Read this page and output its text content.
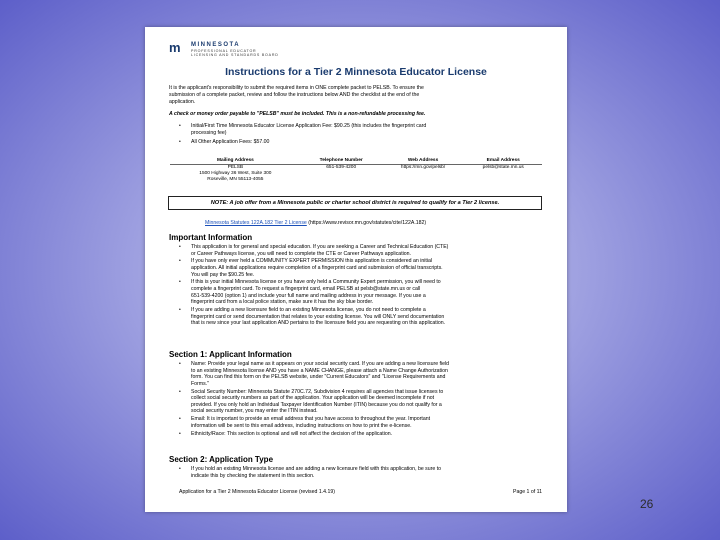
m MINNESOTA
PROFESSIONAL EDUCATOR
LICENSING AND STANDARDS BOARD
Instructions for a Tier 2 Minnesota Educator License
It is the applicant's responsibility to submit the required items in ONE complete packet to PELSB. To ensure the
submission of a complete packet, review and follow the instructions below AND the checklist at the end of the
application.
A check or money order payable to "PELSB" must be included. This is a non-refundable processing fee.
• Initial/First Time Minnesota Educator License Application Fee: $90.25 (this includes the fingerprint card
processing fee)
• All Other Application Fees: $57.00
Mailing Address	Telephone Number	Web Address	Email Address

PELSB
1500 Highway 36 West, Suite 300
Roseville, MN 55113-4055	651-539-4200	https://mn.gov/pelsb/	pelsb@state.mn.us
NOTE: A job offer from a Minnesota public or charter school district is required to qualify for a Tier 2 license.
Minnesota Statutes 122A.182 Tier 2 License (https://www.revisor.mn.gov/statutes/cite/122A.182)
Important Information
• This application is for general and special education. If you are seeking a Career and Technical Education (CTE)
or Career Pathways license, you will need to complete the CTE or Career Pathways application.
• If you have only ever held a COMMUNITY EXPERT PERMISSION this application is considered an initial
application. All initial applications require completion of a fingerprint card and submission of official transcripts.
You will pay the $90.25 fee.
• If this is your initial Minnesota license or you have only held a Community Expert permission, you will need to
complete a fingerprint card. To request a fingerprint card, email PELSB at pelsb@state.mn.us or call
651-539-4200 (option 1) and include your full name and mailing address in your message. If you use a
fingerprint card from a local police station, make sure it has the sky blue border.
• If you are adding a new licensure field to an existing Minnesota license, you do not need to complete a
fingerprint card or send documentation that relates to your existing license. You will ONLY send documentation
that is new since your last application AND pertains to the licensure field you are requesting on this application.
Section 1: Applicant Information
• Name: Provide your legal name as it appears on your social security card. If you are adding a new licensure field
to an existing Minnesota license AND you have a NAME CHANGE, please attach a Name Change Authorization
form. You can find this form on the PELSB website, under "Current Educators" and "License Requirements and
Forms."
• Social Security Number: Minnesota Statute 270C.72, Subdivision 4 requires all agencies that issue licenses to
collect social security numbers as part of the application. Your application will be deemed incomplete if not
provided. If you only hold an Individual Taxpayer Identification Number (ITIN) because you do not qualify for a
social security number, you may enter the ITIN instead.
• Email: It is important to provide an email address that you have access to throughout the year. Important
information will be sent to this email address, including instructions on how to print the e-license.
• Ethnicity/Race: This section is optional and will not affect the decision of the application.
Section 2: Application Type
• If you hold an existing Minnesota license and are adding a new licensure field with this application, be sure to
indicate this by checking the statement in this section.
Application for a Tier 2 Minnesota Educator License (revised 1.4.19)	Page 1 of 11
26
